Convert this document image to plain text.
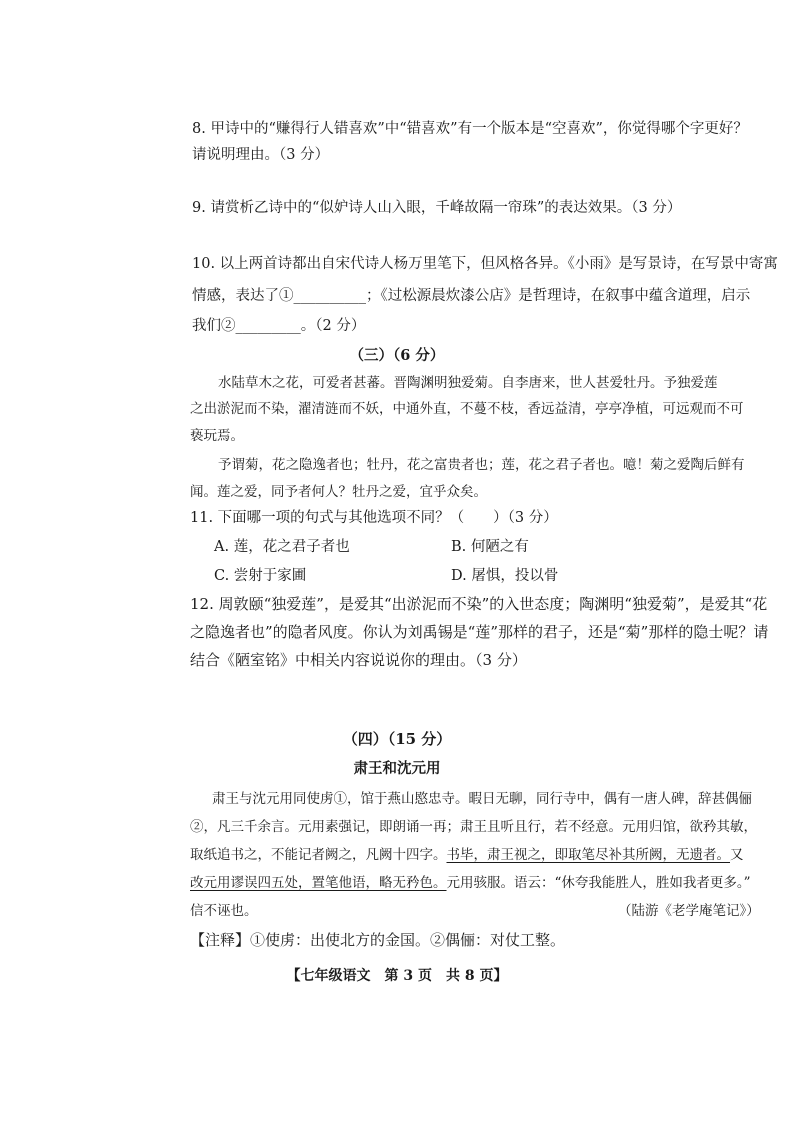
8. 甲诗中的“赚得行人错喜欢”中“错喜欢”有一个版本是“空喜欢”，你觉得哪个字更好？
请说明理由。（3 分）
9. 请赏析乙诗中的“似妒诗人山入眼，千峰故隔一帘珠”的表达效果。（3 分）
10. 以上两首诗都出自宋代诗人杨万里笔下，但风格各异。《小雨》是写景诗，在写景中寄寓
情感，表达了①__________；《过松源晨炊漆公店》是哲理诗，在叙事中蕴含道理，启示
我们②_________。（2 分）
（三）（6 分）
水陆草木之花，可爱者甚蕃。晋陶渊明独爱菊。自李唐来，世人甚爱牡丹。予独爱莲
之出淤泥而不染，濯清涟而不妖，中通外直，不蔓不枝，香远益清，亭亭净植，可远观而不可
亵玩焉。
予谓菊，花之隐逸者也；牡丹，花之富贵者也；莲，花之君子者也。噫！菊之爱陶后鲜有
闻。莲之爱，同予者何人？牡丹之爱，宜乎众矣。
11. 下面哪一项的句式与其他选项不同？（　　）（3 分）
A. 莲，花之君子者也	B. 何陋之有
C. 尝射于家圃	D. 屠惧，投以骨
12. 周敦颐“独爱莲”，是爱其“出淤泥而不染”的入世态度；陶渊明“独爱菊”，是爱其“花
之隐逸者也”的隐者风度。你认为刘禹锡是“莲”那样的君子，还是“菊”那样的隐士呢？请
结合《陋室铭》中相关内容说说你的理由。（3 分）
（四）（15 分）
肃王和沈元用
肃王与沈元用同使虏①，馆于燕山愍忠寺。暇日无聊，同行寺中，偶有一唐人碑，辞甚偶俪
②，凡三千余言。元用素强记，即朗诵一再；肃王且听且行，若不经意。元用归馆，欲矜其敏，
取纸追书之，不能记者阙之，凡阙十四字。书毕，肃王视之，即取笔尽补其所阙，无遗者。又
改元用谬误四五处，置笔他语，略无矜色。元用骇服。语云：“休夸我能胜人，胜如我者更多。”
信不诬也。	（陆游《老学庵笔记》）
【注释】①使虏：出使北方的金国。②偶俪：对仗工整。
【七年级语文　第 3 页　共 8 页】
